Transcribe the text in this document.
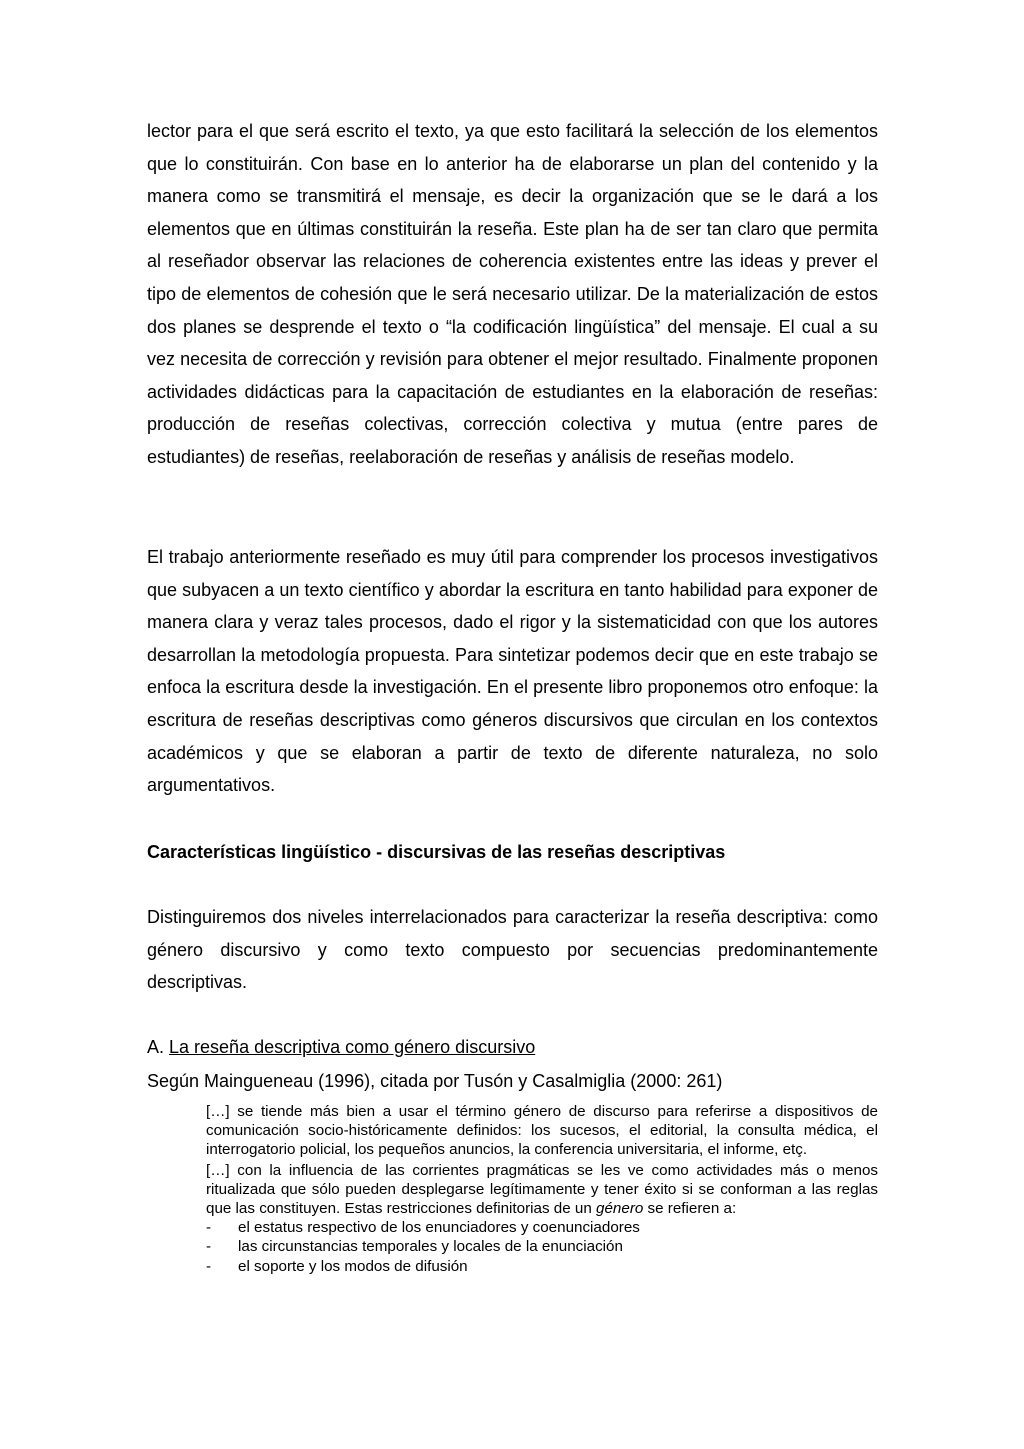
lector para el que será escrito el texto, ya que esto facilitará la selección de los elementos que lo constituirán. Con base en lo anterior ha de elaborarse un plan del contenido y la manera como se transmitirá el mensaje, es decir la organización que se le dará a los elementos que en últimas constituirán la reseña. Este plan ha de ser tan claro que permita al reseñador observar las relaciones de coherencia existentes entre las ideas y prever el tipo de elementos de cohesión que le será necesario utilizar. De la materialización de estos dos planes se desprende el texto o “la codificación lingüística” del mensaje. El cual a su vez necesita de corrección y revisión para obtener el mejor resultado. Finalmente proponen actividades didácticas para la capacitación de estudiantes en la elaboración de reseñas: producción de reseñas colectivas, corrección colectiva y mutua (entre pares de estudiantes) de reseñas, reelaboración de reseñas y análisis de reseñas modelo.

El trabajo anteriormente reseñado es muy útil para comprender los procesos investigativos que subyacen a un texto científico y abordar la escritura en tanto habilidad para exponer de manera clara y veraz tales procesos, dado el rigor y la sistematicidad con que los autores desarrollan la metodología propuesta. Para sintetizar podemos decir que en este trabajo se enfoca la escritura desde la investigación. En el presente libro proponemos otro enfoque: la escritura de reseñas descriptivas como géneros discursivos que circulan en los contextos académicos y que se elaboran a partir de texto de diferente naturaleza, no solo argumentativos.

Características lingüístico - discursivas de las reseñas descriptivas

Distinguiremos dos niveles interrelacionados para caracterizar la reseña descriptiva: como género discursivo y como texto compuesto por secuencias predominantemente descriptivas.

A. La reseña descriptiva como género discursivo

Según Maingueneau (1996), citada por Tusón y Casalmiglia (2000: 261)

[…] se tiende más bien a usar el término género de discurso para referirse a dispositivos de comunicación socio-históricamente definidos: los sucesos, el editorial, la consulta médica, el interrogatorio policial, los pequeños anuncios, la conferencia universitaria, el informe, etç.

[…] con la influencia de las corrientes pragmáticas se les ve como actividades más o menos ritualizada que sólo pueden desplegarse legítimamente y tener éxito si se conforman a las reglas que las constituyen. Estas restricciones definitorias de un género se refieren a:

-	el estatus respectivo de los enunciadores y coenunciadores
-	las circunstancias temporales y locales de la enunciación
-	el soporte y los modos de difusión
